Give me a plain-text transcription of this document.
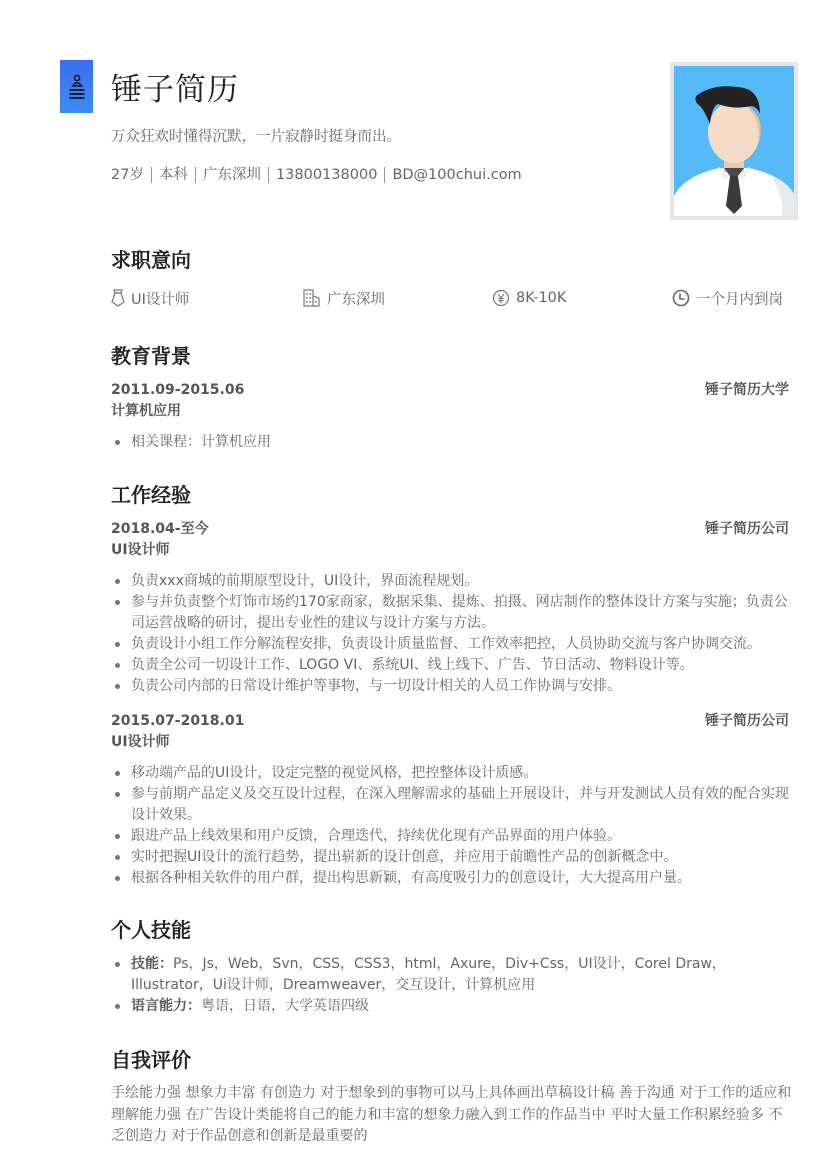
锤子简历
万众狂欢时懂得沉默，一片寂静时挺身而出。
27岁 本科 广东深圳 13800138000 BD@100chui.com
求职意向
UI设计师	广东深圳	8K-10K	一个月内到岗
教育背景
2011.09-2015.06	锤子简历大学
计算机应用
相关课程：计算机应用
工作经验
2018.04-至今	锤子简历公司
UI设计师
负责xxx商城的前期原型设计，UI设计，界面流程规划。
参与并负责整个灯饰市场约170家商家，数据采集、提炼、拍摄、网店制作的整体设计方案与实施；负责公司运营战略的研讨，提出专业性的建议与设计方案与方法。
负责设计小组工作分解流程安排，负责设计质量监督、工作效率把控，人员协助交流与客户协调交流。
负责全公司一切设计工作、LOGO VI、系统UI、线上线下、广告、节日活动、物料设计等。
负责公司内部的日常设计维护等事物，与一切设计相关的人员工作协调与安排。
2015.07-2018.01	锤子简历公司
UI设计师
移动端产品的UI设计，设定完整的视觉风格，把控整体设计质感。
参与前期产品定义及交互设计过程，在深入理解需求的基础上开展设计，并与开发测试人员有效的配合实现设计效果。
跟进产品上线效果和用户反馈，合理迭代，持续优化现有产品界面的用户体验。
实时把握UI设计的流行趋势，提出崭新的设计创意，并应用于前瞻性产品的创新概念中。
根据各种相关软件的用户群，提出构思新颖，有高度吸引力的创意设计，大大提高用户量。
个人技能
技能：Ps，Js，Web，Svn，CSS，CSS3，html，Axure，Div+Css，UI设计，Corel Draw，Illustrator，Ui设计师，Dreamweaver，交互设计，计算机应用
语言能力：粤语，日语，大学英语四级
自我评价

手绘能力强 想象力丰富 有创造力 对于想象到的事物可以马上具体画出草稿设计稿 善于沟通 对于工作的适应和理解能力强 在广告设计类能将自己的能力和丰富的想象力融入到工作的作品当中 平时大量工作积累经验多 不乏创造力 对于作品创意和创新是最重要的
